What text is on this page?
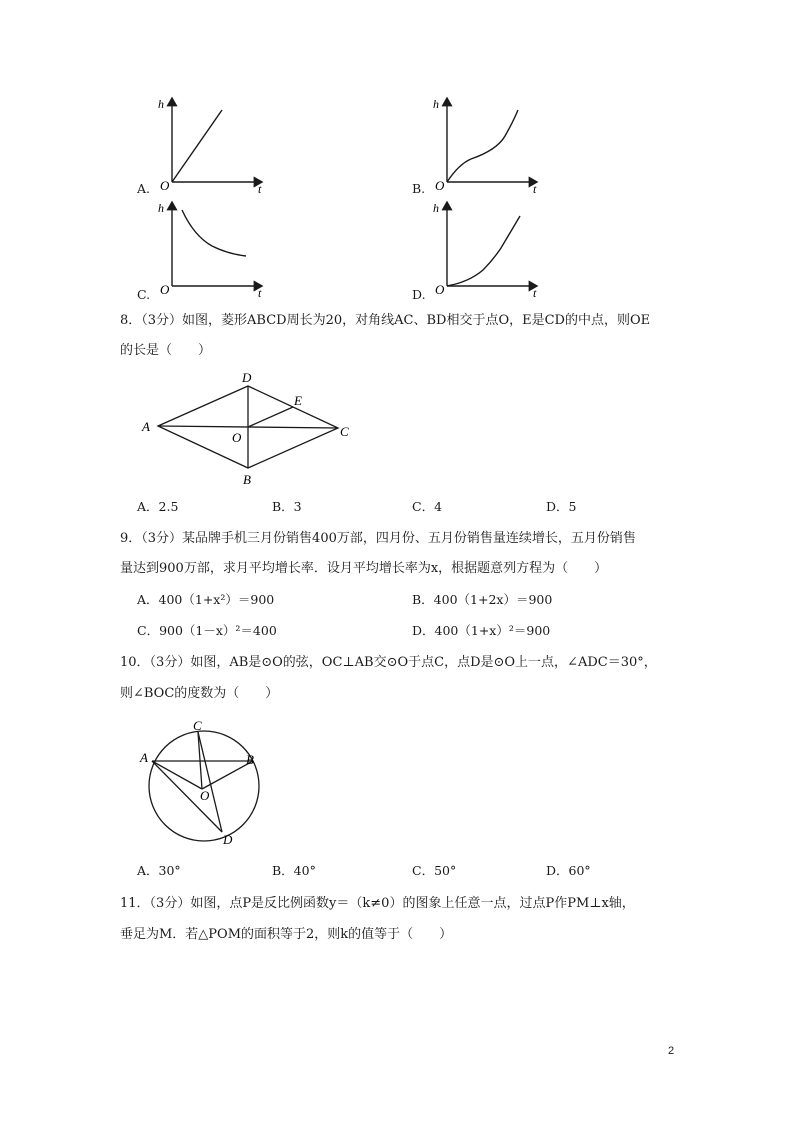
A.
h
t
O	B.
h
t
O
C.
h
t
O	D.
h
t
O
8．（3分）如图，菱形ABCD周长为20，对角线AC、BD相交于点O，E是CD的中点，则OE
的长是（　　）
A
D
E
O	C
B
A．2.5	B．3	C．4	D．5
9．（3分）某品牌手机三月份销售400万部，四月份、五月份销售量连续增长，五月份销售
量达到900万部，求月平均增长率．设月平均增长率为x，根据题意列方程为（　　）
A．400（1+x²）＝900	B．400（1+2x）＝900
C．900（1－x）²＝400	D．400（1+x）²＝900
10．（3分）如图，AB是⊙O的弦，OC⊥AB交⊙O于点C，点D是⊙O上一点，∠ADC＝30°，
则∠BOC的度数为（　　）
C
A	B
O
D
A．30°	B．40°	C．50°	D．60°
11．（3分）如图，点P是反比例函数y＝（k≠0）的图象上任意一点，过点P作PM⊥x轴，
垂足为M．若△POM的面积等于2，则k的值等于（　　）
2
